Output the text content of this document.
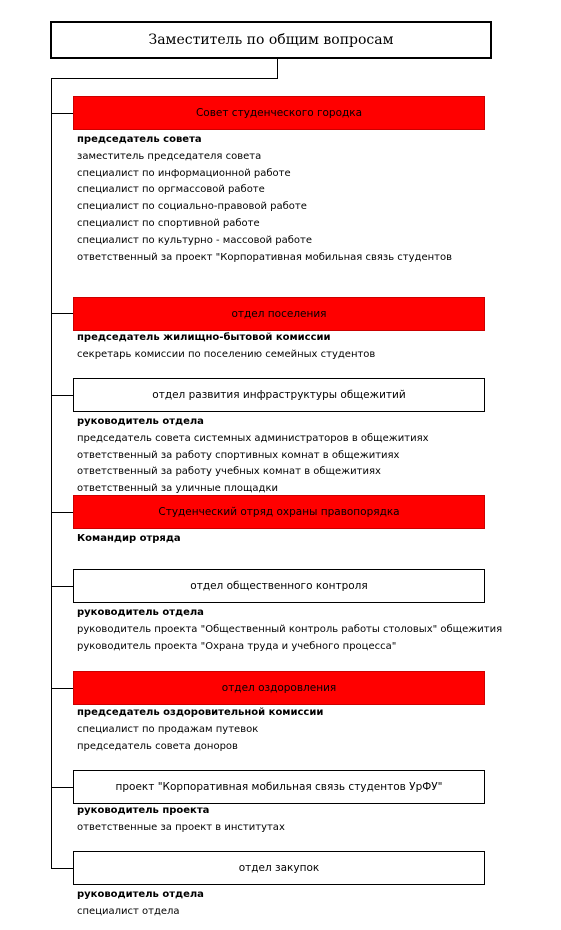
Заместитель по общим вопросам
Совет студенческого городка
председатель совета
заместитель председателя совета
специалист по информационной работе
специалист по оргмассовой работе
специалист по социально-правовой работе
специалист по спортивной работе
специалист по культурно - массовой работе
ответственный за проект "Корпоративная мобильная связь студентов
отдел поселения
председатель жилищно-бытовой комиссии
секретарь комиссии по поселению семейных студентов
отдел развития инфраструктуры общежитий
руководитель отдела
председатель совета системных администраторов в общежитиях
ответственный за работу спортивных комнат в общежитиях
ответственный за работу учебных комнат в общежитиях
ответственный за уличные площадки
Студенческий отряд охраны правопорядка
Командир отряда
отдел общественного контроля
руководитель отдела
руководитель проекта "Общественный контроль работы столовых" общежития
руководитель проекта "Охрана труда и учебного процесса"
отдел оздоровления
председатель оздоровительной комиссии
специалист по продажам путевок
председатель совета доноров
проект "Корпоративная мобильная связь студентов УрФУ"
руководитель проекта
ответственные за проект в институтах
отдел закупок
руководитель отдела
специалист отдела
